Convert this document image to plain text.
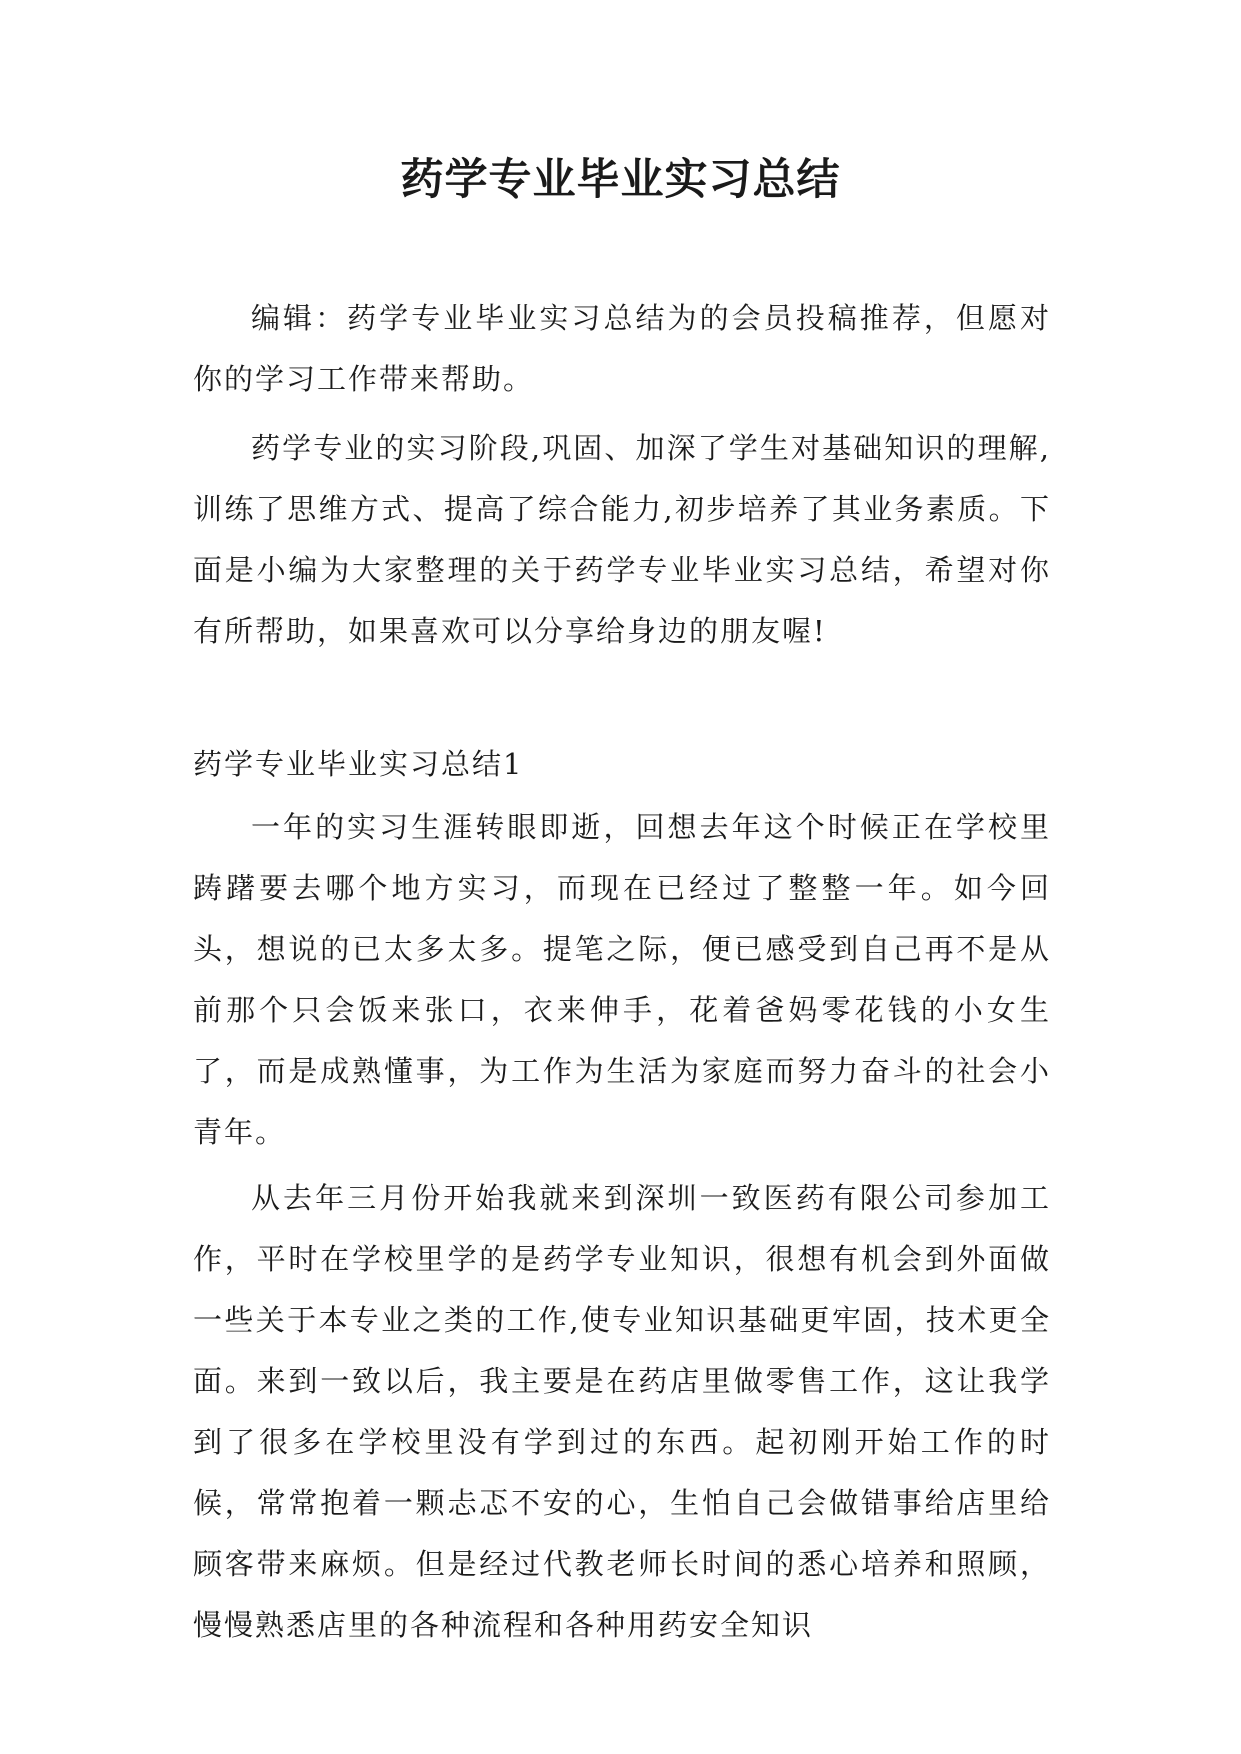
药学专业毕业实习总结

编辑：药学专业毕业实习总结为的会员投稿推荐，但愿对你的学习工作带来帮助。

药学专业的实习阶段,巩固、加深了学生对基础知识的理解,训练了思维方式、提高了综合能力,初步培养了其业务素质。下面是小编为大家整理的关于药学专业毕业实习总结，希望对你有所帮助，如果喜欢可以分享给身边的朋友喔!

药学专业毕业实习总结1

一年的实习生涯转眼即逝，回想去年这个时候正在学校里踌躇要去哪个地方实习，而现在已经过了整整一年。如今回头，想说的已太多太多。提笔之际，便已感受到自己再不是从前那个只会饭来张口，衣来伸手，花着爸妈零花钱的小女生了，而是成熟懂事，为工作为生活为家庭而努力奋斗的社会小青年。

从去年三月份开始我就来到深圳一致医药有限公司参加工作，平时在学校里学的是药学专业知识，很想有机会到外面做一些关于本专业之类的工作,使专业知识基础更牢固，技术更全面。来到一致以后，我主要是在药店里做零售工作，这让我学到了很多在学校里没有学到过的东西。起初刚开始工作的时候，常常抱着一颗忐忑不安的心，生怕自己会做错事给店里给顾客带来麻烦。但是经过代教老师长时间的悉心培养和照顾，慢慢熟悉店里的各种流程和各种用药安全知识
